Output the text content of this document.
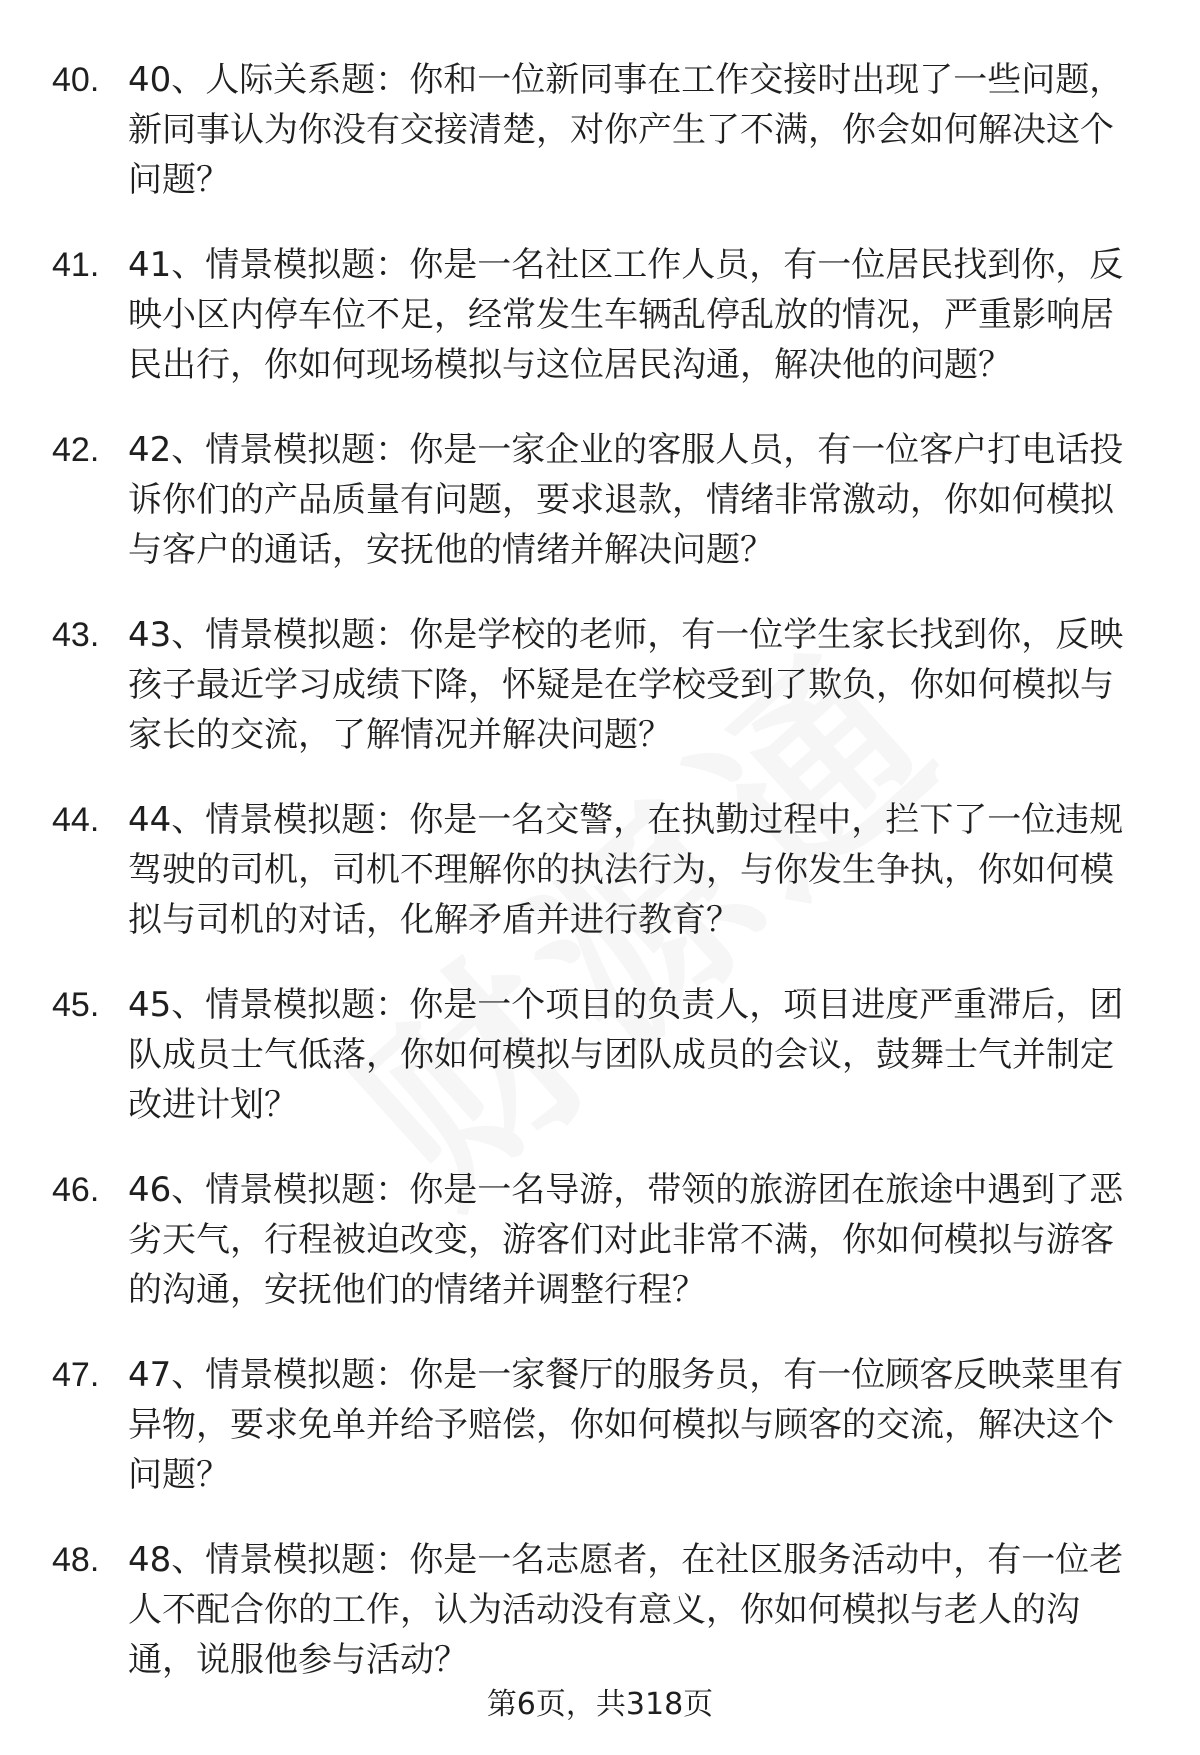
40. 40、人际关系题：你和一位新同事在工作交接时出现了一些问题，新同事认为你没有交接清楚，对你产生了不满，你会如何解决这个问题？
41. 41、情景模拟题：你是一名社区工作人员，有一位居民找到你，反映小区内停车位不足，经常发生车辆乱停乱放的情况，严重影响居民出行，你如何现场模拟与这位居民沟通，解决他的问题？
42. 42、情景模拟题：你是一家企业的客服人员，有一位客户打电话投诉你们的产品质量有问题，要求退款，情绪非常激动，你如何模拟与客户的通话，安抚他的情绪并解决问题？
43. 43、情景模拟题：你是学校的老师，有一位学生家长找到你，反映孩子最近学习成绩下降，怀疑是在学校受到了欺负，你如何模拟与家长的交流，了解情况并解决问题？
44. 44、情景模拟题：你是一名交警，在执勤过程中，拦下了一位违规驾驶的司机，司机不理解你的执法行为，与你发生争执，你如何模拟与司机的对话，化解矛盾并进行教育？
45. 45、情景模拟题：你是一个项目的负责人，项目进度严重滞后，团队成员士气低落，你如何模拟与团队成员的会议，鼓舞士气并制定改进计划？
46. 46、情景模拟题：你是一名导游，带领的旅游团在旅途中遇到了恶劣天气，行程被迫改变，游客们对此非常不满，你如何模拟与游客的沟通，安抚他们的情绪并调整行程？
47. 47、情景模拟题：你是一家餐厅的服务员，有一位顾客反映菜里有异物，要求免单并给予赔偿，你如何模拟与顾客的交流，解决这个问题？
48. 48、情景模拟题：你是一名志愿者，在社区服务活动中，有一位老人不配合你的工作，认为活动没有意义，你如何模拟与老人的沟通，说服他参与活动？
第6页，共318页
